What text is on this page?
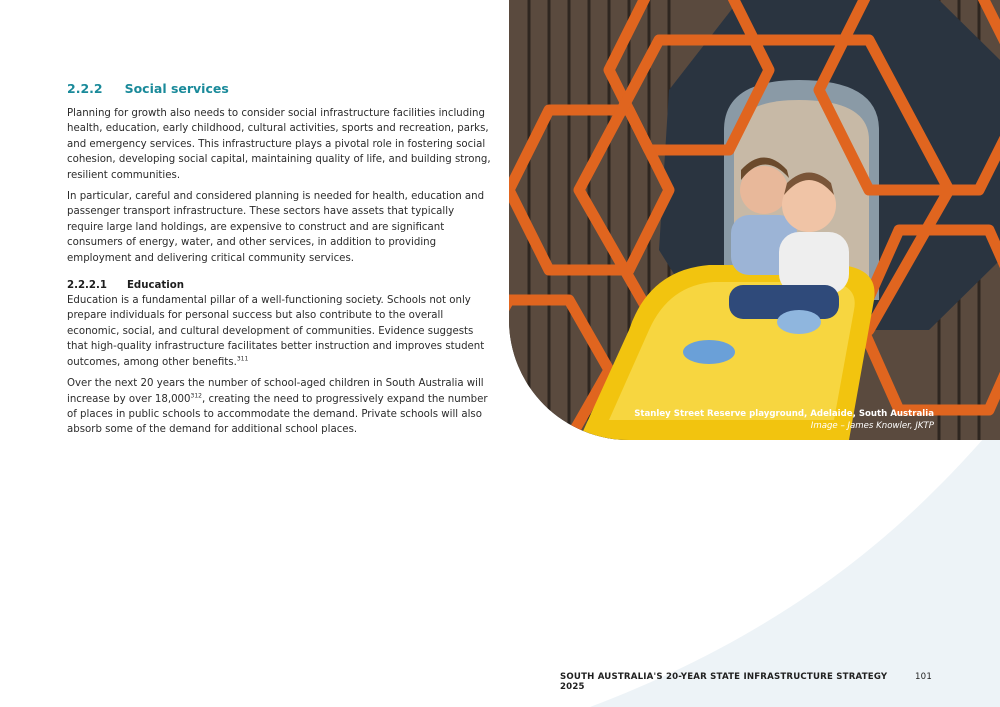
2.2.2 Social services

Planning for growth also needs to consider social infrastructure facilities including health, education, early childhood, cultural activities, sports and recreation, parks, and emergency services. This infrastructure plays a pivotal role in fostering social cohesion, developing social capital, maintaining quality of life, and building strong, resilient communities.

In particular, careful and considered planning is needed for health, education and passenger transport infrastructure. These sectors have assets that typically require large land holdings, are expensive to construct and are significant consumers of energy, water, and other services, in addition to providing employment and delivering critical community services.

2.2.2.1 Education

Education is a fundamental pillar of a well-functioning society. Schools not only prepare individuals for personal success but also contribute to the overall economic, social, and cultural development of communities. Evidence suggests that high-quality infrastructure facilitates better instruction and improves student outcomes, among other benefits.$^{311}$

Over the next 20 years the number of school-aged children in South Australia will increase by over 18,000$^{312}$, creating the need to progressively expand the number of places in public schools to accommodate the demand. Private schools will also absorb some of the demand for additional school places.

Stanley Street Reserve playground, Adelaide, South Australia
Image – James Knowler, JKTP
SOUTH AUSTRALIA'S 20-YEAR STATE INFRASTRUCTURE STRATEGY 2025
101
